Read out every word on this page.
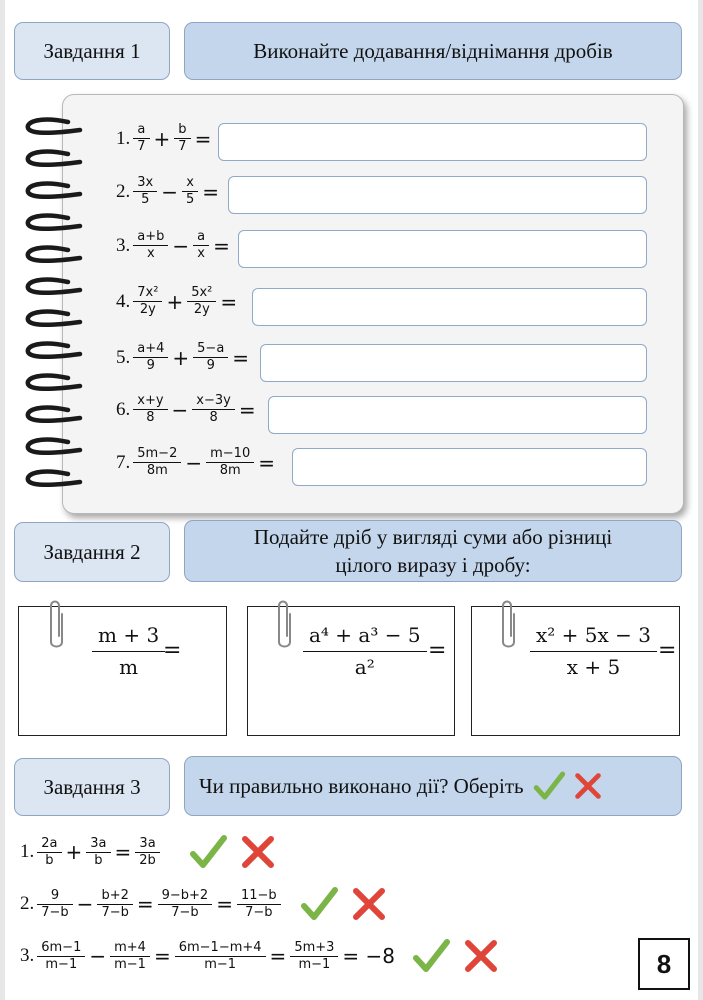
Завдання 1	Виконайте додавання/віднімання дробів
1. $\frac{a}{7} + \frac{b}{7}$ =
2. $\frac{3x}{5} - \frac{x}{5}$ =
3. $\frac{a+b}{x} - \frac{a}{x}$ =
4. $\frac{\text{7x²}}{2y} + \frac{\text{5x²}}{2y}$ =
5. $\frac{a+4}{9} + \frac{5-a}{9}$ =
6. $\frac{x+y}{8} - \frac{x-3y}{8}$ =
7. $\frac{5m-2}{8m} - \frac{m-10}{8m}$ =
Завдання 2
Подайте дріб у вигляді суми або різниці
цілого виразу і дробу:
m + 3
m
=
a⁴ + a³ − 5
a²
=
x² + 5x − 3
x + 5
=
Завдання 3	Чи правильно виконано дії? Оберіть
1. $\frac{2a}{b} + \frac{3a}{b} = \frac{3a}{2b}$
2. $\frac{9}{7-b} - \frac{b+2}{7-b} = \frac{9-b+2}{7-b} = \frac{11-b}{7-b}$
3. $\frac{6m-1}{m-1} - \frac{m+4}{m-1} = \frac{6m-1-m+4}{m-1} = \frac{5m+3}{m-1} = -8$	8
